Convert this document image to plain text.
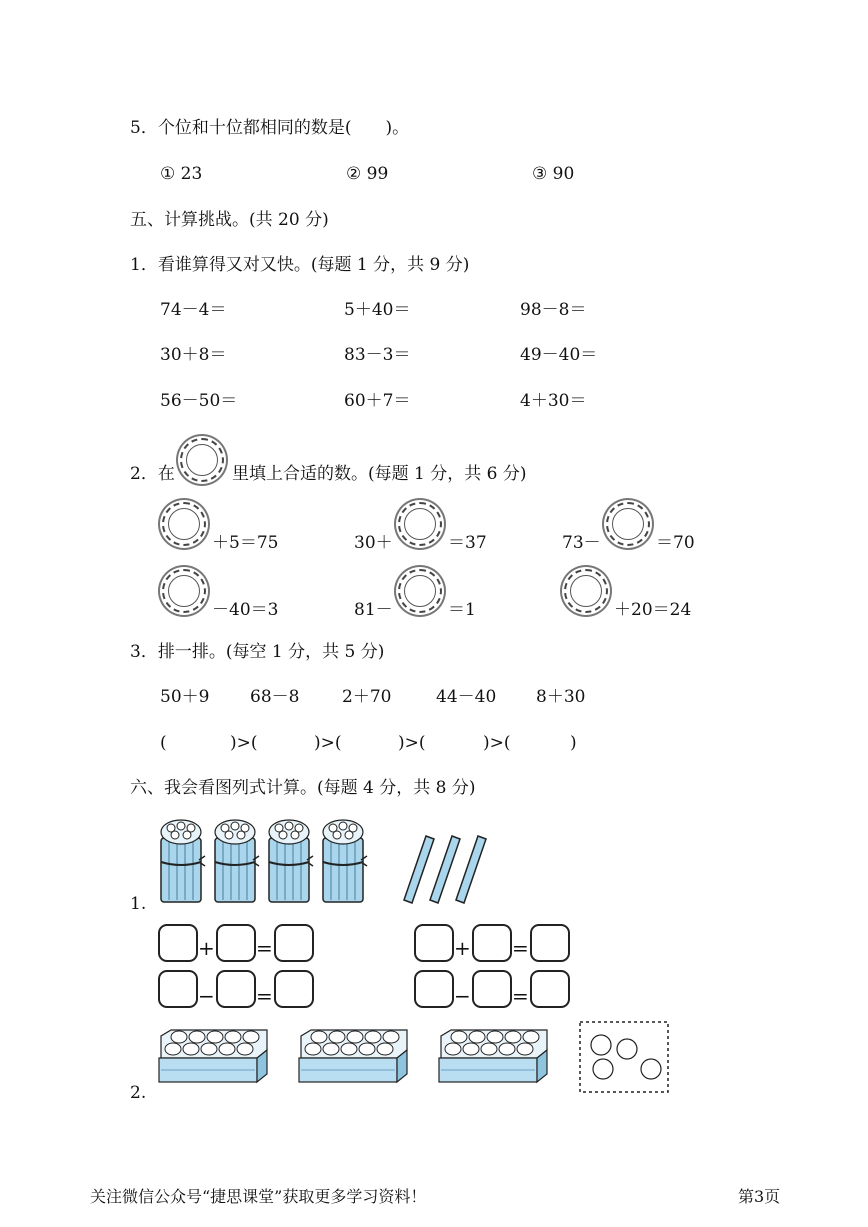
5．个位和十位都相同的数是(　　)。
① 23	② 99	③ 90
五、计算挑战。(共 20 分)
1．看谁算得又对又快。(每题 1 分，共 9 分)
74－4＝	5＋40＝	98－8＝
30＋8＝	83－3＝	49－40＝
56－50＝	60＋7＝	4＋30＝
2．在	里填上合适的数。(每题 1 分，共 6 分)
＋5＝75	30＋	＝37	73－	＝70
－40＝3	81－	＝1	＋20＝24
3．排一排。(每空 1 分，共 5 分)
50＋9 68－8	2＋70	44－40 8＋30
(	)>(	)>(	)>(	)>(	)
六、我会看图列式计算。(每题 4 分，共 8 分)
1.
+ =
− =
+ =
− =
2.
关注微信公众号“捷思课堂”获取更多学习资料！	第3页
